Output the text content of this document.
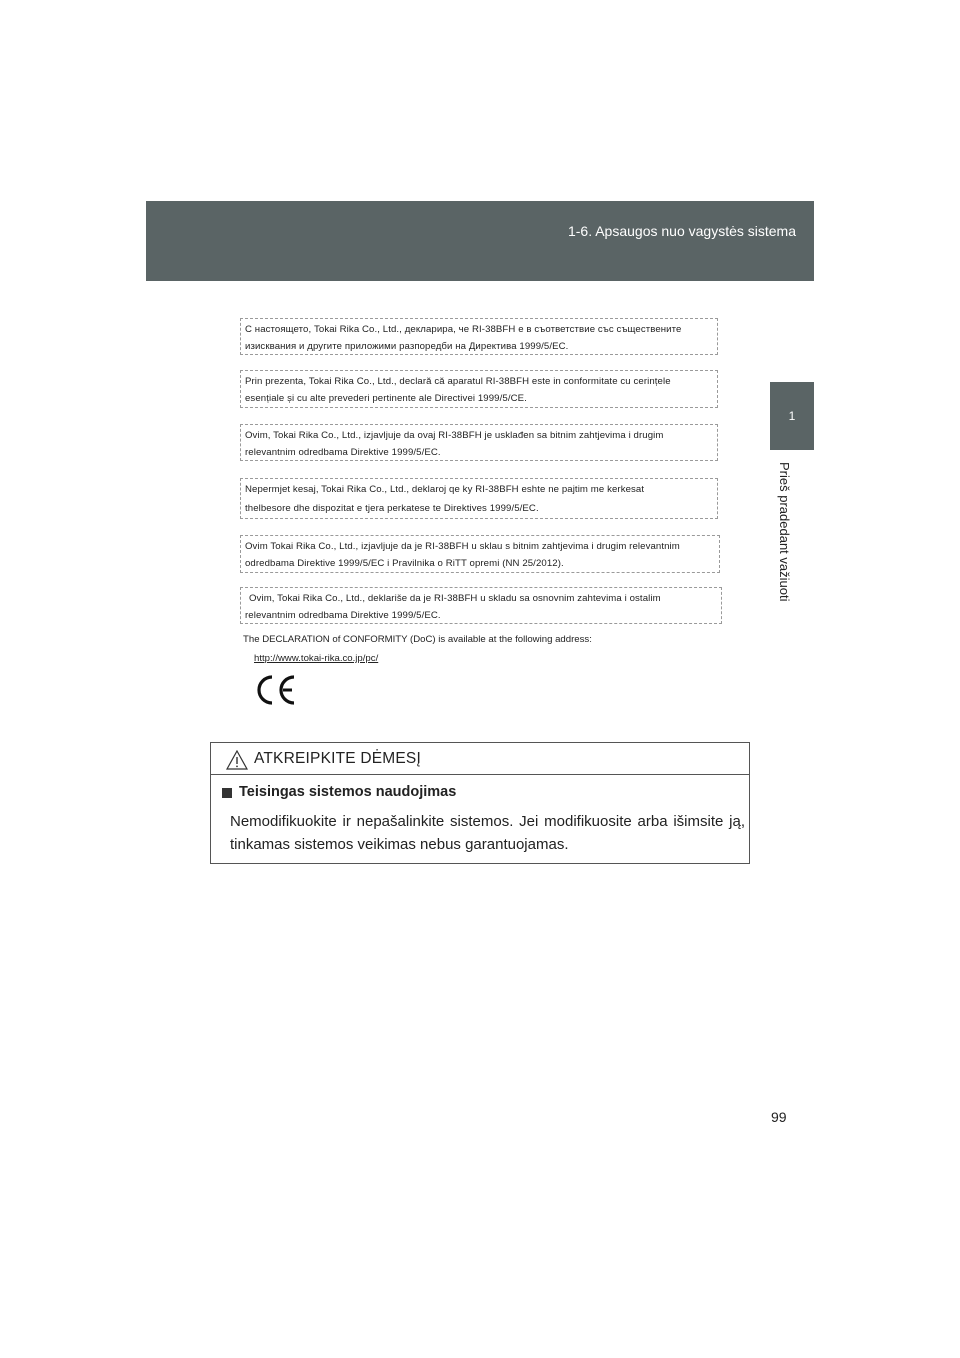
1-6. Apsaugos nuo vagystės sistema
1
Prieš pradedant važiuoti
С настоящето, Tokai Rika Co., Ltd., декларира, че RI-38BFH е в съответствие със съществените
изисквания и другите приложими разпоредби на Директива 1999/5/EC.
Prin prezenta, Tokai Rika Co., Ltd., declară că aparatul RI-38BFH este in conformitate cu cerințele
esențiale și cu alte prevederi pertinente ale Directivei 1999/5/CE.
Ovim, Tokai Rika Co., Ltd., izjavljuje da ovaj RI-38BFH je usklađen sa bitnim zahtjevima i drugim
relevantnim odredbama Direktive 1999/5/EC.
Nepermjet kesaj, Tokai Rika Co., Ltd., deklaroj qe ky RI-38BFH eshte ne pajtim me kerkesat
thelbesore dhe dispozitat e tjera perkatese te Direktives 1999/5/EC.
Ovim Tokai Rika Co., Ltd., izjavljuje da je RI-38BFH u sklau s bitnim zahtjevima i drugim relevantnim
odredbama Direktive 1999/5/EC i Pravilnika o RiTT opremi (NN 25/2012).
Ovim, Tokai Rika Co., Ltd., deklariše da je RI-38BFH u skladu sa osnovnim zahtevima i ostalim
relevantnim odredbama Direktive 1999/5/EC.
The DECLARATION of CONFORMITY (DoC) is available at the following address:
http://www.tokai-rika.co.jp/pc/
ATKREIPKITE DĖMESĮ
Teisingas sistemos naudojimas
Nemodifikuokite ir nepašalinkite sistemos. Jei modifikuosite arba išimsite ją, tinkamas sistemos veikimas nebus garantuojamas.
99
